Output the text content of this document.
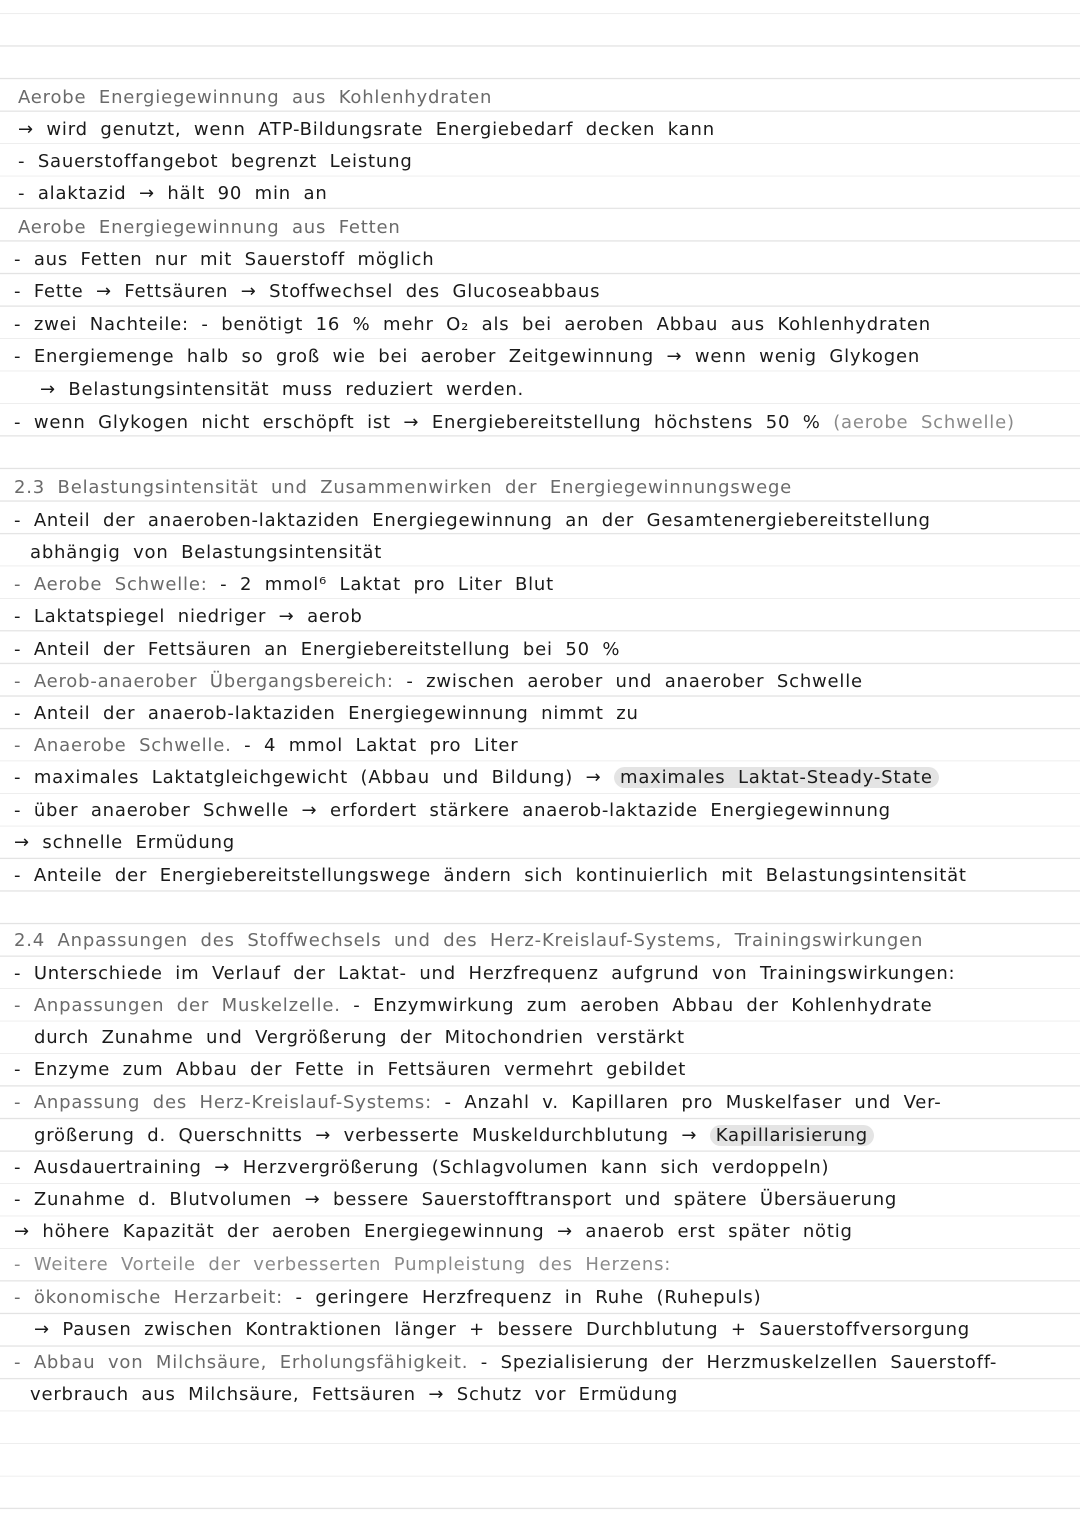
Aerobe Energiegewinnung aus Kohlenhydraten
→ wird genutzt, wenn ATP-Bildungsrate Energiebedarf decken kann
- Sauerstoffangebot begrenzt Leistung
- alaktazid → hält 90 min an
Aerobe Energiegewinnung aus Fetten
- aus Fetten nur mit Sauerstoff möglich
- Fette → Fettsäuren → Stoffwechsel des Glucoseabbaus
- zwei Nachteile: - benötigt 16 % mehr O₂ als bei aeroben Abbau aus Kohlenhydraten
- Energiemenge halb so groß wie bei aerober Zeitgewinnung → wenn wenig Glykogen
→ Belastungsintensität muss reduziert werden.
- wenn Glykogen nicht erschöpft ist → Energiebereitstellung höchstens 50 % (aerobe Schwelle)
2.3 Belastungsintensität und Zusammenwirken der Energiegewinnungswege
- Anteil der anaeroben-laktaziden Energiegewinnung an der Gesamtenergiebereitstellung
abhängig von Belastungsintensität
- Aerobe Schwelle: - 2 mmol⁶ Laktat pro Liter Blut
- Laktatspiegel niedriger → aerob
- Anteil der Fettsäuren an Energiebereitstellung bei 50 %
- Aerob-anaerober Übergangsbereich: - zwischen aerober und anaerober Schwelle
- Anteil der anaerob-laktaziden Energiegewinnung nimmt zu
- Anaerobe Schwelle. - 4 mmol Laktat pro Liter
- maximales Laktatgleichgewicht (Abbau und Bildung) → maximales Laktat-Steady-State
- über anaerober Schwelle → erfordert stärkere anaerob-laktazide Energiegewinnung
→ schnelle Ermüdung
- Anteile der Energiebereitstellungswege ändern sich kontinuierlich mit Belastungsintensität
2.4 Anpassungen des Stoffwechsels und des Herz-Kreislauf-Systems, Trainingswirkungen
- Unterschiede im Verlauf der Laktat- und Herzfrequenz aufgrund von Trainingswirkungen:
- Anpassungen der Muskelzelle. - Enzymwirkung zum aeroben Abbau der Kohlenhydrate
durch Zunahme und Vergrößerung der Mitochondrien verstärkt
- Enzyme zum Abbau der Fette in Fettsäuren vermehrt gebildet
- Anpassung des Herz-Kreislauf-Systems: - Anzahl v. Kapillaren pro Muskelfaser und Ver-
größerung d. Querschnitts → verbesserte Muskeldurchblutung → Kapillarisierung
- Ausdauertraining → Herzvergrößerung (Schlagvolumen kann sich verdoppeln)
- Zunahme d. Blutvolumen → bessere Sauerstofftransport und spätere Übersäuerung
→ höhere Kapazität der aeroben Energiegewinnung → anaerob erst später nötig
- Weitere Vorteile der verbesserten Pumpleistung des Herzens:
- ökonomische Herzarbeit: - geringere Herzfrequenz in Ruhe (Ruhepuls)
→ Pausen zwischen Kontraktionen länger + bessere Durchblutung + Sauerstoffversorgung
- Abbau von Milchsäure, Erholungsfähigkeit. - Spezialisierung der Herzmuskelzellen Sauerstoff-
verbrauch aus Milchsäure, Fettsäuren → Schutz vor Ermüdung
